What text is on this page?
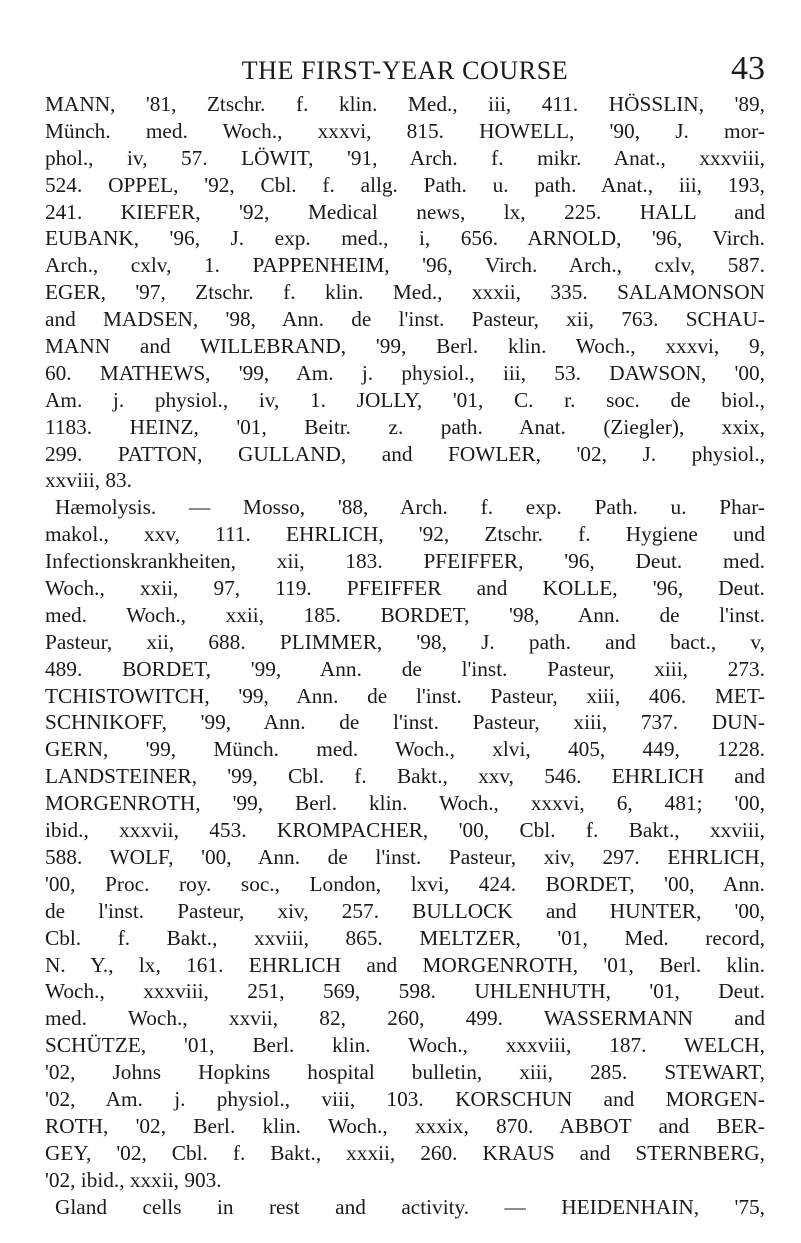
THE FIRST-YEAR COURSE	43
MANN, '81, Ztschr. f. klin. Med., iii, 411. HÖSSLIN, '89,
Münch. med. Woch., xxxvi, 815. HOWELL, '90, J. mor-
phol., iv, 57. LÖWIT, '91, Arch. f. mikr. Anat., xxxviii,
524. OPPEL, '92, Cbl. f. allg. Path. u. path. Anat., iii, 193,
241. KIEFER, '92, Medical news, lx, 225. HALL and
EUBANK, '96, J. exp. med., i, 656. ARNOLD, '96, Virch.
Arch., cxlv, 1. PAPPENHEIM, '96, Virch. Arch., cxlv, 587.
EGER, '97, Ztschr. f. klin. Med., xxxii, 335. SALAMONSON
and MADSEN, '98, Ann. de l'inst. Pasteur, xii, 763. SCHAU-
MANN and WILLEBRAND, '99, Berl. klin. Woch., xxxvi, 9,
60. MATHEWS, '99, Am. j. physiol., iii, 53. DAWSON, '00,
Am. j. physiol., iv, 1. JOLLY, '01, C. r. soc. de biol.,
1183. HEINZ, '01, Beitr. z. path. Anat. (Ziegler), xxix,
299. PATTON, GULLAND, and FOWLER, '02, J. physiol.,
xxviii, 83.
Hæmolysis. — Mosso, '88, Arch. f. exp. Path. u. Phar-
makol., xxv, 111. EHRLICH, '92, Ztschr. f. Hygiene und
Infectionskrankheiten, xii, 183. PFEIFFER, '96, Deut. med.
Woch., xxii, 97, 119. PFEIFFER and KOLLE, '96, Deut.
med. Woch., xxii, 185. BORDET, '98, Ann. de l'inst.
Pasteur, xii, 688. PLIMMER, '98, J. path. and bact., v,
489. BORDET, '99, Ann. de l'inst. Pasteur, xiii, 273.
TCHISTOWITCH, '99, Ann. de l'inst. Pasteur, xiii, 406. MET-
SCHNIKOFF, '99, Ann. de l'inst. Pasteur, xiii, 737. DUN-
GERN, '99, Münch. med. Woch., xlvi, 405, 449, 1228.
LANDSTEINER, '99, Cbl. f. Bakt., xxv, 546. EHRLICH and
MORGENROTH, '99, Berl. klin. Woch., xxxvi, 6, 481; '00,
ibid., xxxvii, 453. KROMPACHER, '00, Cbl. f. Bakt., xxviii,
588. WOLF, '00, Ann. de l'inst. Pasteur, xiv, 297. EHRLICH,
'00, Proc. roy. soc., London, lxvi, 424. BORDET, '00, Ann.
de l'inst. Pasteur, xiv, 257. BULLOCK and HUNTER, '00,
Cbl. f. Bakt., xxviii, 865. MELTZER, '01, Med. record,
N. Y., lx, 161. EHRLICH and MORGENROTH, '01, Berl. klin.
Woch., xxxviii, 251, 569, 598. UHLENHUTH, '01, Deut.
med. Woch., xxvii, 82, 260, 499. WASSERMANN and
SCHÜTZE, '01, Berl. klin. Woch., xxxviii, 187. WELCH,
'02, Johns Hopkins hospital bulletin, xiii, 285. STEWART,
'02, Am. j. physiol., viii, 103. KORSCHUN and MORGEN-
ROTH, '02, Berl. klin. Woch., xxxix, 870. ABBOT and BER-
GEY, '02, Cbl. f. Bakt., xxxii, 260. KRAUS and STERNBERG,
'02, ibid., xxxii, 903.
Gland cells in rest and activity. — HEIDENHAIN, '75,
